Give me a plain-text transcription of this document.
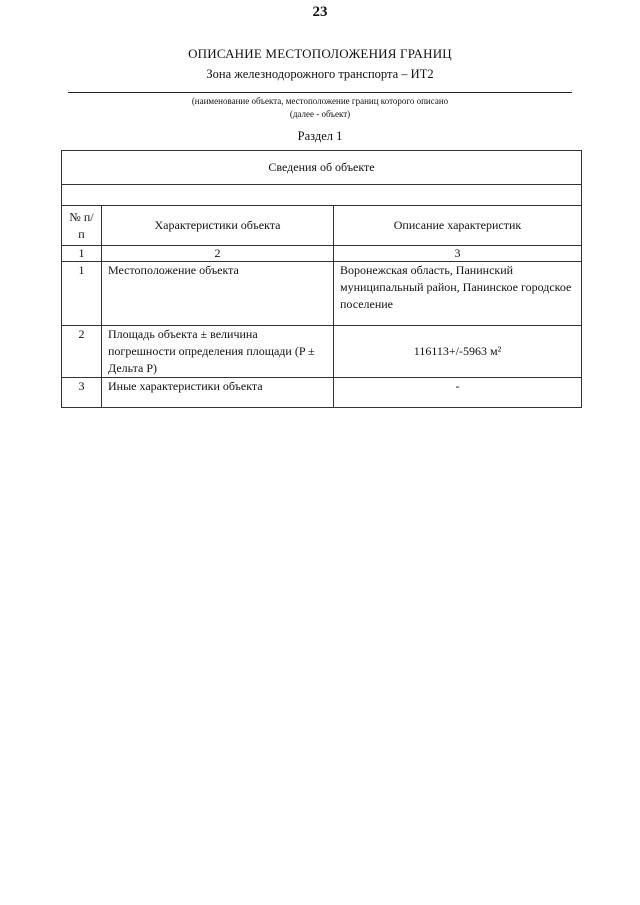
23
ОПИСАНИЕ МЕСТОПОЛОЖЕНИЯ ГРАНИЦ
Зона железнодорожного транспорта – ИТ2
(наименование объекта, местоположение границ которого описано
(далее - объект)
Раздел 1
Сведения об объекте		

№ п/п	Характеристики объекта	Описание характеристик
1	2	3
1	Местоположение объекта	Воронежская область, Панинский муниципальный район, Панинское городское поселение
2	Площадь объекта ± величина погрешности определения площади (P ± Дельта P)	116113+/-5963 м²
3	Иные характеристики объекта	-
